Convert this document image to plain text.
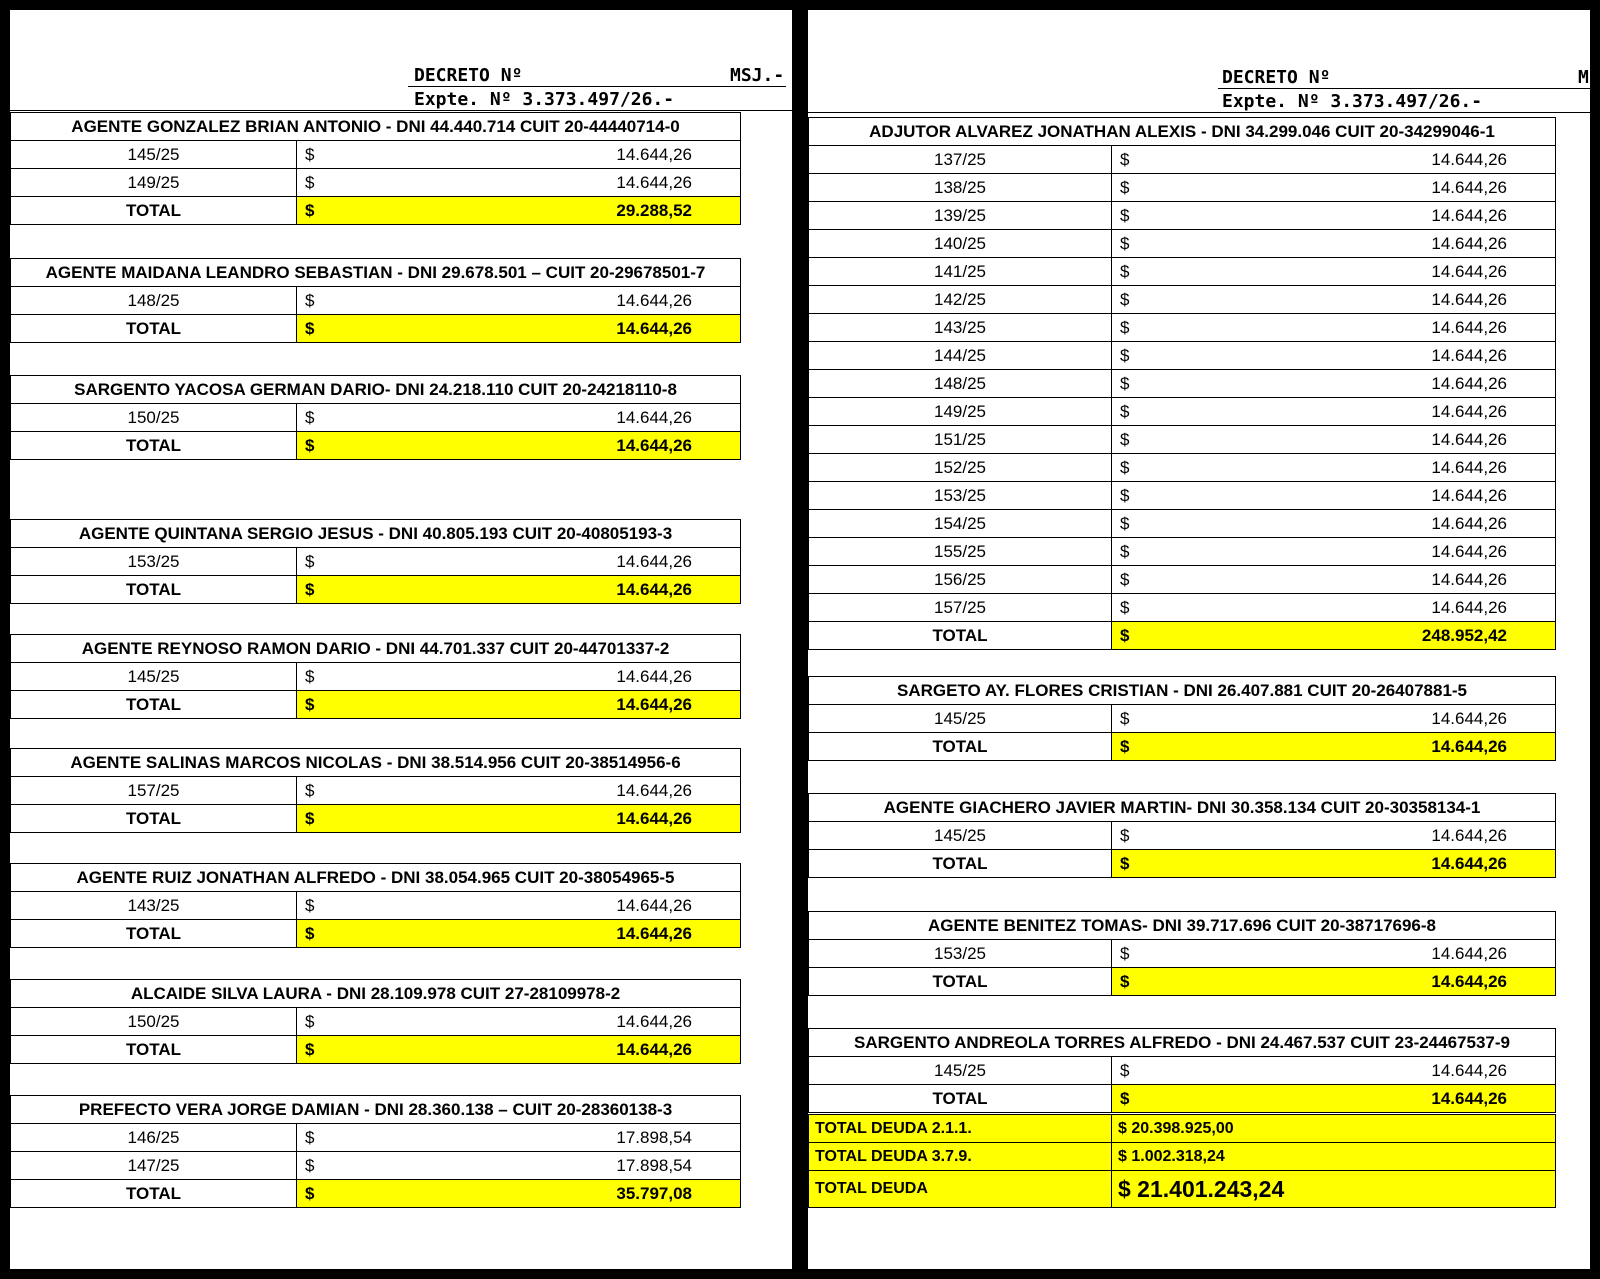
DECRETO Nº	MSJ.-
Expte. Nº 3.373.497/26.-
AGENTE GONZALEZ BRIAN ANTONIO - DNI 44.440.714 CUIT 20-44440714-0	
145/25	$ 14.644,26

149/25	$ 14.644,26

TOTAL	$ 29.288,52
AGENTE MAIDANA LEANDRO SEBASTIAN - DNI 29.678.501 – CUIT 20-29678501-7	
148/25	$ 14.644,26

TOTAL	$ 14.644,26
SARGENTO YACOSA GERMAN DARIO- DNI 24.218.110 CUIT 20-24218110-8	
150/25	$ 14.644,26

TOTAL	$ 14.644,26
AGENTE QUINTANA SERGIO JESUS - DNI 40.805.193 CUIT 20-40805193-3	
153/25	$ 14.644,26

TOTAL	$ 14.644,26
AGENTE REYNOSO RAMON DARIO - DNI 44.701.337 CUIT 20-44701337-2	
145/25	$ 14.644,26

TOTAL	$ 14.644,26
AGENTE SALINAS MARCOS NICOLAS - DNI 38.514.956 CUIT 20-38514956-6	
157/25	$ 14.644,26

TOTAL	$ 14.644,26
AGENTE RUIZ JONATHAN ALFREDO - DNI 38.054.965 CUIT 20-38054965-5	
143/25	$ 14.644,26

TOTAL	$ 14.644,26
ALCAIDE SILVA LAURA - DNI 28.109.978 CUIT 27-28109978-2	
150/25	$ 14.644,26

TOTAL	$ 14.644,26
PREFECTO VERA JORGE DAMIAN - DNI 28.360.138 – CUIT 20-28360138-3	
146/25	$ 17.898,54

147/25	$ 17.898,54

TOTAL	$ 35.797,08
DECRETO Nº	M
Expte. Nº 3.373.497/26.-
ADJUTOR ALVAREZ JONATHAN ALEXIS - DNI 34.299.046 CUIT 20-34299046-1	
137/25	$ 14.644,26

138/25	$ 14.644,26

139/25	$ 14.644,26

140/25	$ 14.644,26

141/25	$ 14.644,26

142/25	$ 14.644,26

143/25	$ 14.644,26

144/25	$ 14.644,26

148/25	$ 14.644,26

149/25	$ 14.644,26

151/25	$ 14.644,26

152/25	$ 14.644,26

153/25	$ 14.644,26

154/25	$ 14.644,26

155/25	$ 14.644,26

156/25	$ 14.644,26

157/25	$ 14.644,26

TOTAL	$ 248.952,42
SARGETO AY. FLORES CRISTIAN - DNI 26.407.881 CUIT 20-26407881-5	
145/25	$ 14.644,26

TOTAL	$ 14.644,26
AGENTE GIACHERO JAVIER MARTIN- DNI 30.358.134 CUIT 20-30358134-1	
145/25	$ 14.644,26

TOTAL	$ 14.644,26
AGENTE BENITEZ TOMAS- DNI 39.717.696 CUIT 20-38717696-8	
153/25	$ 14.644,26

TOTAL	$ 14.644,26
SARGENTO ANDREOLA TORRES ALFREDO - DNI 24.467.537 CUIT 23-24467537-9	
145/25	$ 14.644,26

TOTAL	$ 14.644,26
TOTAL DEUDA 2.1.1.	$ 20.398.925,00
TOTAL DEUDA 3.7.9.	$ 1.002.318,24
TOTAL DEUDA	$ 21.401.243,24
